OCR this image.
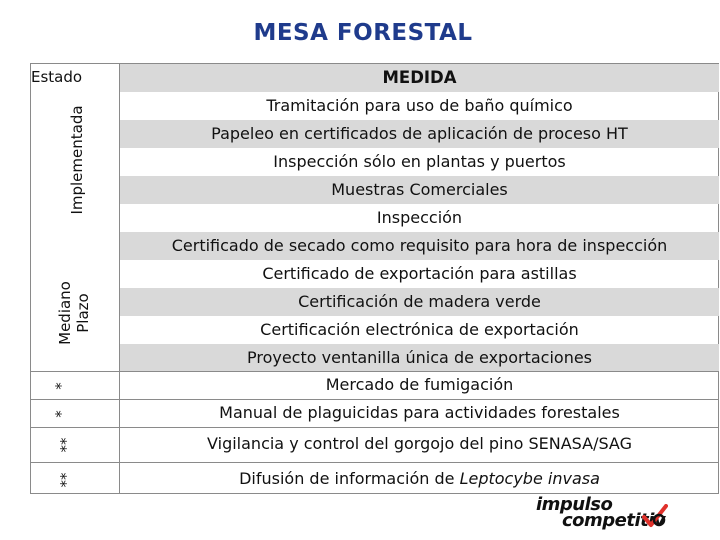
MESA FORESTAL
Estado
Implementada
Mediano
Plazo
*
*
**
**
MEDIDA
Tramitación para uso de baño químico
Papeleo en certificados de aplicación de proceso HT
Inspección sólo en plantas y puertos
Muestras Comerciales
Inspección
Certificado de secado como requisito para hora de inspección
Certificado de exportación para astillas
Certificación de madera verde
Certificación electrónica de exportación
Proyecto ventanilla única de exportaciones
Mercado de fumigación
Manual de plaguicidas para actividades forestales
Vigilancia y control del gorgojo del pino SENASA/SAG
Difusión de información de Leptocybe invasa
impulso
competitiv
